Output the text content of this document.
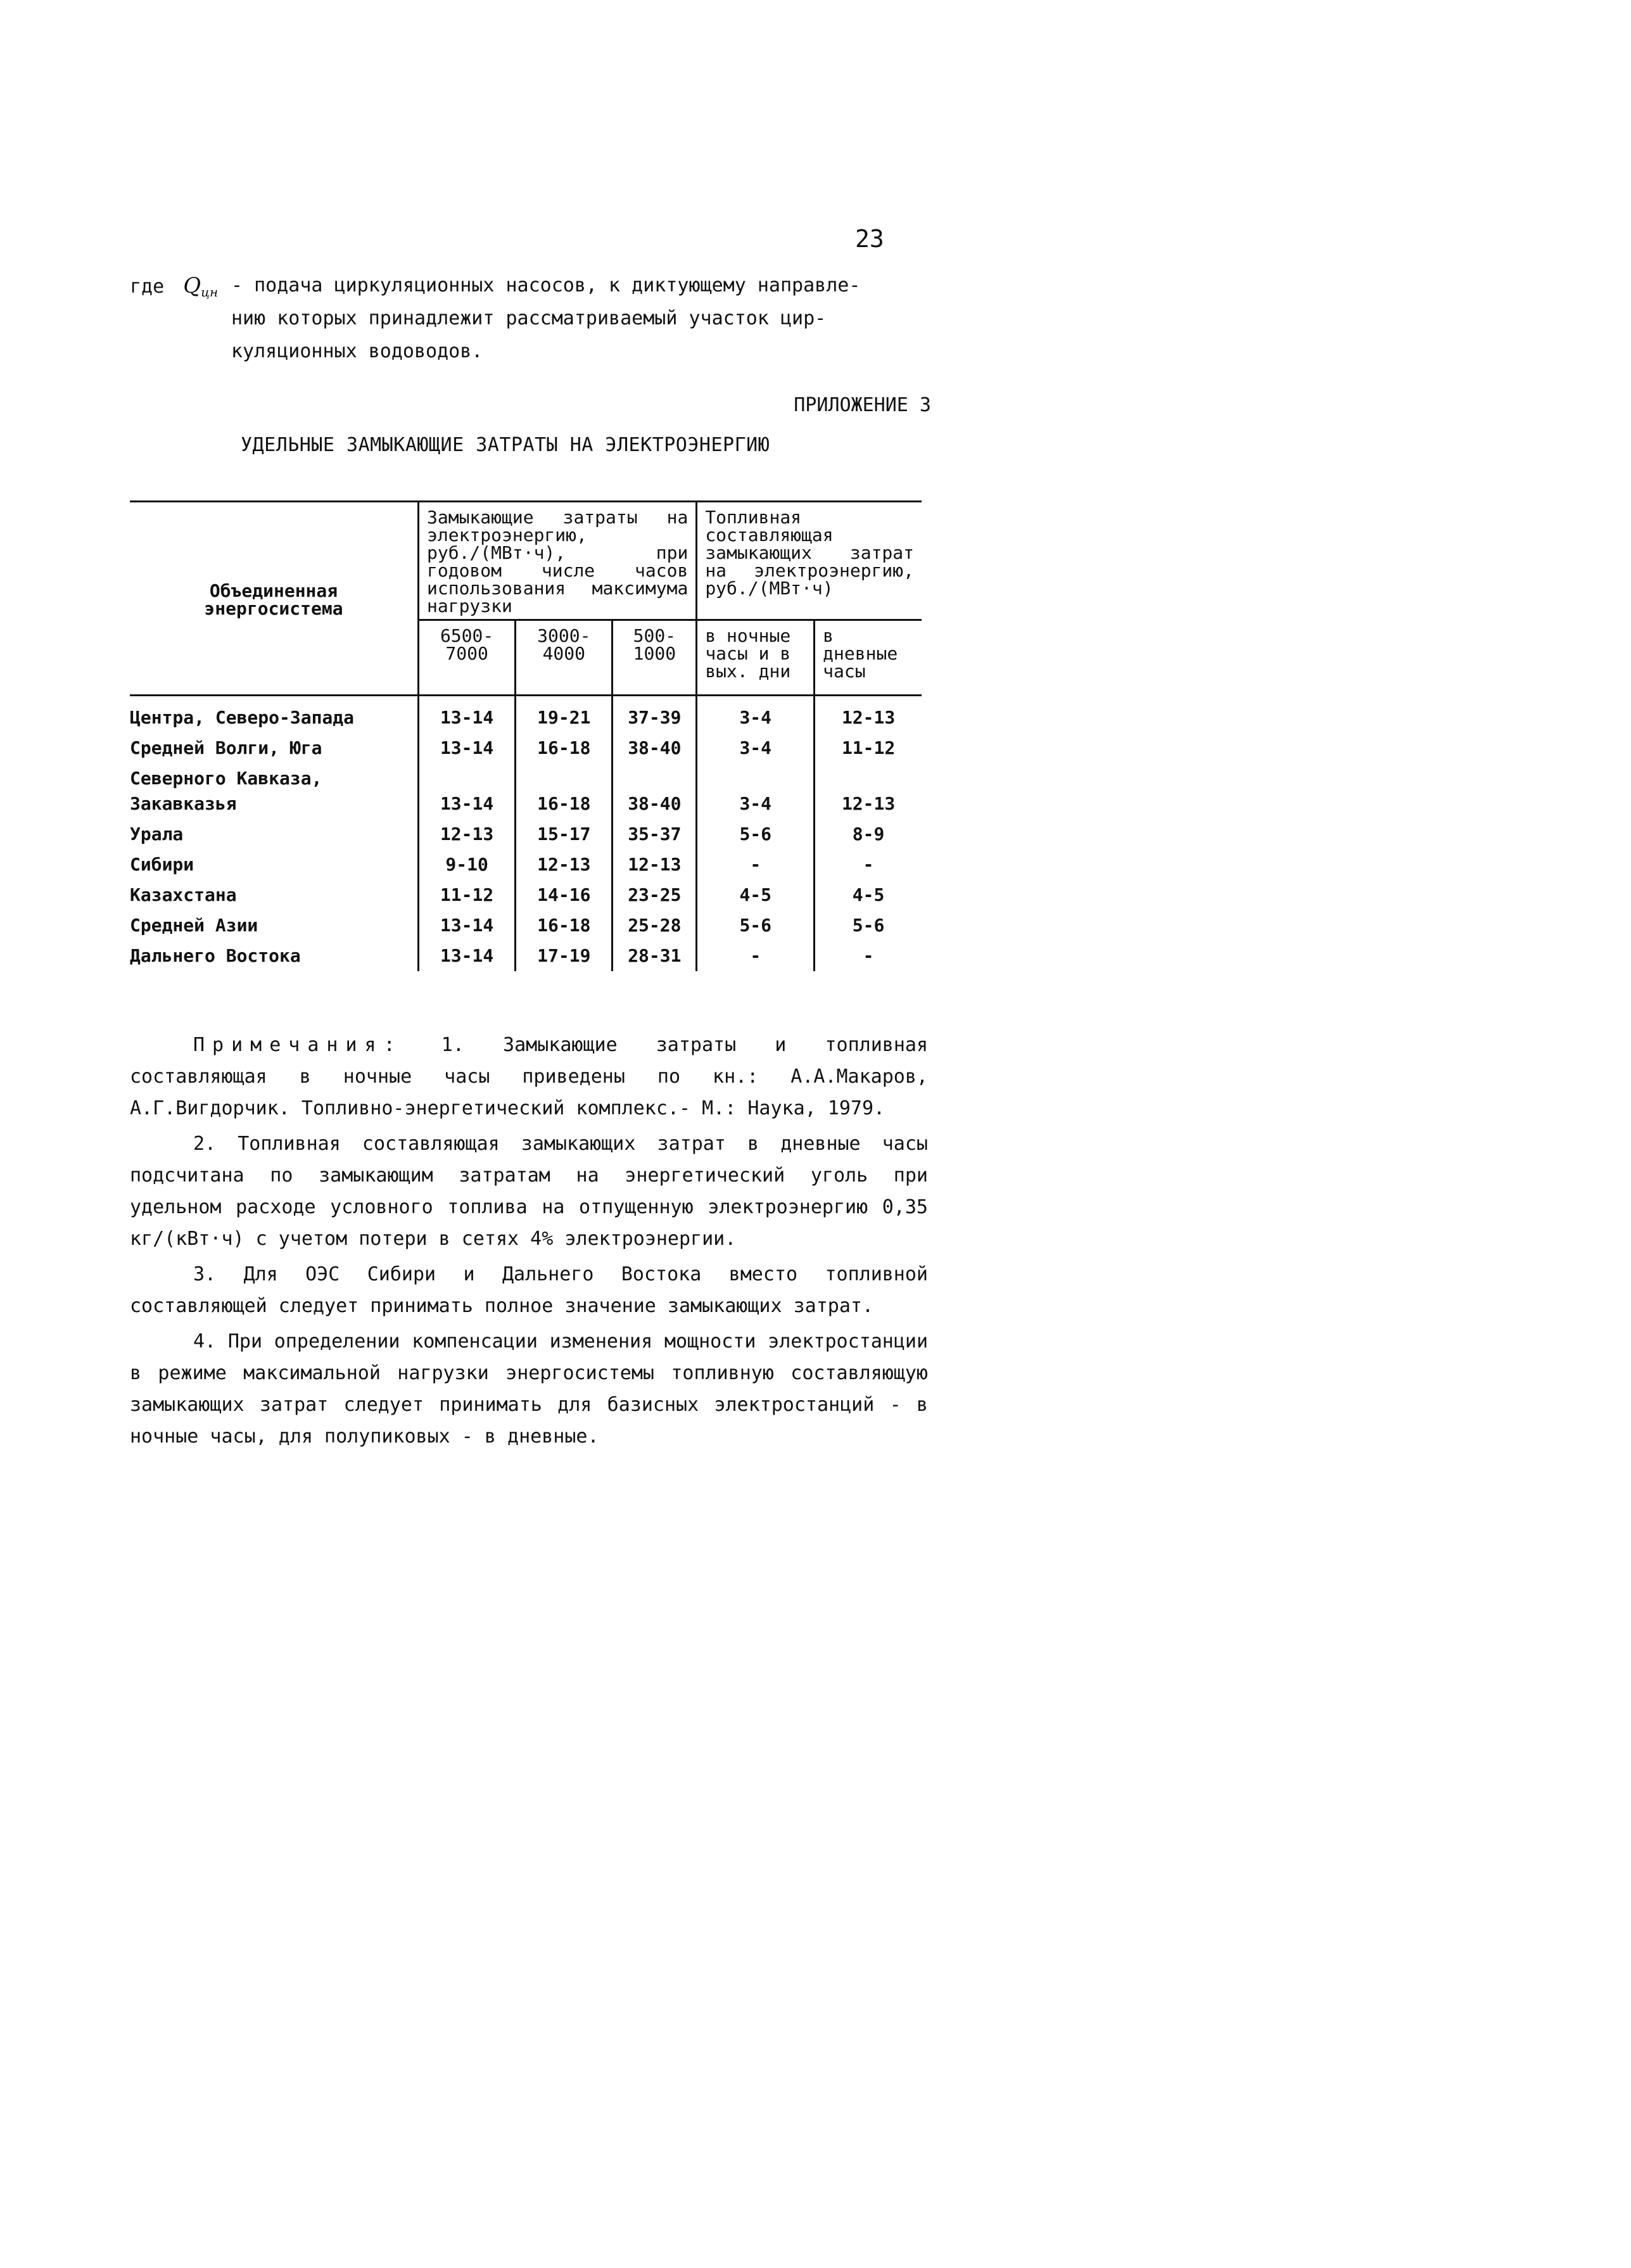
23
где Qцн - подача циркуляционных насосов, к диктующему направле-
нию которых принадлежит рассматриваемый участок цир-
куляционных водоводов.
ПРИЛОЖЕНИЕ 3
УДЕЛЬНЫЕ ЗАМЫКАЮЩИЕ ЗАТРАТЫ НА ЭЛЕКТРОЭНЕРГИЮ
Объединенная энергосистема	Замыкающие затраты на электроэнергию, руб./(МВт·ч), при годовом числе часов использования максимума нагрузки			Топливная составляющая замыкающих затрат на электроэнергию, руб./(МВт·ч)	
	6500-7000	3000-4000	500-1000	в ночные часы и в вых. дни	в дневные часы

Центра, Северо-Запада	13-14	19-21	37-39	3-4	12-13
Средней Волги, Юга	13-14	16-18	38-40	3-4	11-12
Северного Кавказа, Закавказья	13-14	16-18	38-40	3-4	12-13
Урала	12-13	15-17	35-37	5-6	8-9
Сибири	9-10	12-13	12-13	-	-
Казахстана	11-12	14-16	23-25	4-5	4-5
Средней Азии	13-14	16-18	25-28	5-6	5-6
Дальнего Востока	13-14	17-19	28-31	-	-

Примечания: 1. Замыкающие затраты и топливная составляющая в ночные часы приведены по кн.: А.А.Макаров, А.Г.Вигдорчик. Топливно-энергетический комплекс.- М.: Наука, 1979.

2. Топливная составляющая замыкающих затрат в дневные часы подсчитана по замыкающим затратам на энергетический уголь при удельном расходе условного топлива на отпущенную электроэнергию 0,35 кг/(кВт·ч) с учетом потери в сетях 4% электроэнергии.

3. Для ОЭС Сибири и Дальнего Востока вместо топливной составляющей следует принимать полное значение замыкающих затрат.

4. При определении компенсации изменения мощности электростанции в режиме максимальной нагрузки энергосистемы топливную составляющую замыкающих затрат следует принимать для базисных электростанций - в ночные часы, для полупиковых - в дневные.
